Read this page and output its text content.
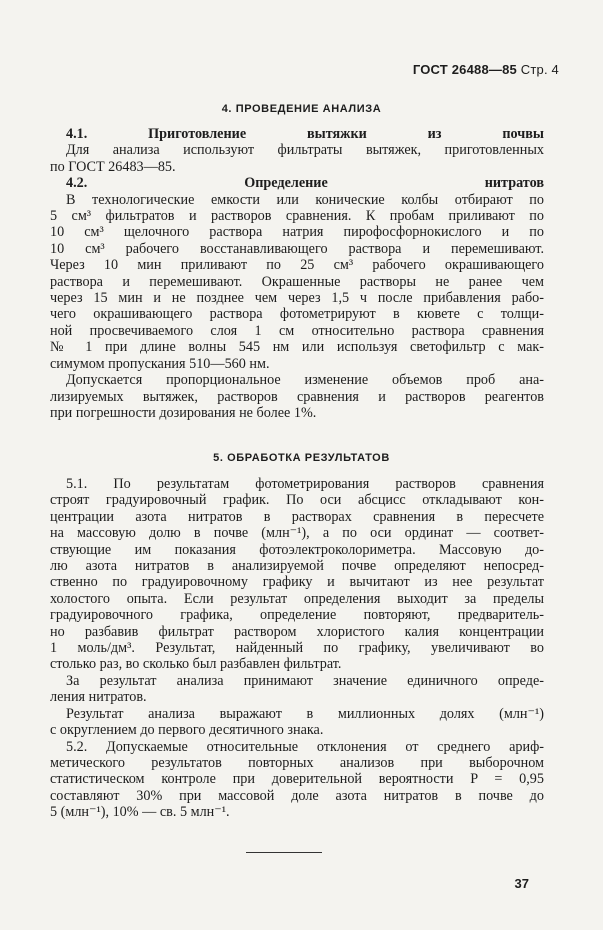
ГОСТ 26488—85 Стр. 4
4. ПРОВЕДЕНИЕ АНАЛИЗА
4.1. Приготовление вытяжки из почвы
Для анализа используют фильтраты вытяжек, приготовленных
по ГОСТ 26483—85.
4.2. Определение нитратов
В технологические емкости или конические колбы отбирают по
5 см³ фильтратов и растворов сравнения. К пробам приливают по
10 см³ щелочного раствора натрия пирофосфорнокислого и по
10 см³ рабочего восстанавливающего раствора и перемешивают.
Через 10 мин приливают по 25 см³ рабочего окрашивающего
раствора и перемешивают. Окрашенные растворы не ранее чем
через 15 мин и не позднее чем через 1,5 ч после прибавления рабо-
чего окрашивающего раствора фотометрируют в кювете с толщи-
ной просвечиваемого слоя 1 см относительно раствора сравнения
№ 1 при длине волны 545 нм или используя светофильтр с мак-
симумом пропускания 510—560 нм.
Допускается пропорциональное изменение объемов проб ана-
лизируемых вытяжек, растворов сравнения и растворов реагентов
при погрешности дозирования не более 1%.
5. ОБРАБОТКА РЕЗУЛЬТАТОВ
5.1. По результатам фотометрирования растворов сравнения
строят градуировочный график. По оси абсцисс откладывают кон-
центрации азота нитратов в растворах сравнения в пересчете
на массовую долю в почве (млн⁻¹), а по оси ординат — соответ-
ствующие им показания фотоэлектроколориметра. Массовую до-
лю азота нитратов в анализируемой почве определяют непосред-
ственно по градуировочному графику и вычитают из нее результат
холостого опыта. Если результат определения выходит за пределы
градуировочного графика, определение повторяют, предваритель-
но разбавив фильтрат раствором хлористого калия концентрации
1 моль/дм³. Результат, найденный по графику, увеличивают во
столько раз, во сколько был разбавлен фильтрат.
За результат анализа принимают значение единичного опреде-
ления нитратов.
Результат анализа выражают в миллионных долях (млн⁻¹)
с округлением до первого десятичного знака.
5.2. Допускаемые относительные отклонения от среднего ариф-
метического результатов повторных анализов при выборочном
статистическом контроле при доверительной вероятности P = 0,95
составляют 30% при массовой доле азота нитратов в почве до
5 (млн⁻¹), 10% — св. 5 млн⁻¹.
37
